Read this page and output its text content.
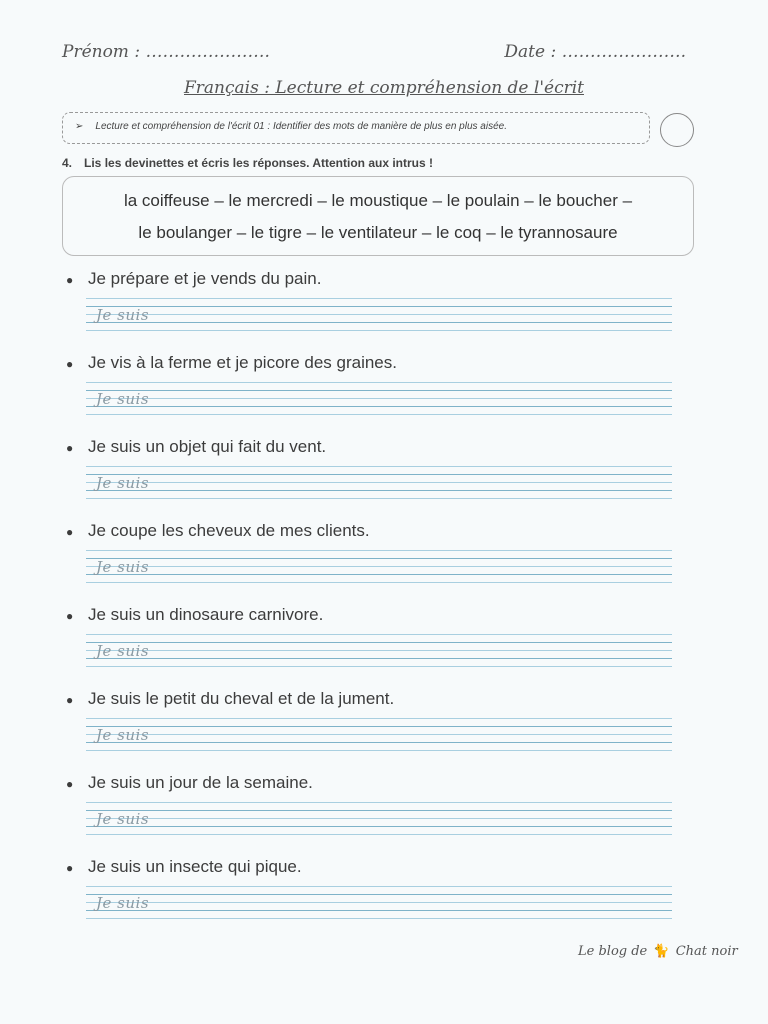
Prénom : ………………….	Date : ………………….
Français : Lecture et compréhension de l'écrit
➢ Lecture et compréhension de l'écrit 01 : Identifier des mots de manière de plus en plus aisée.
4. Lis les devinettes et écris les réponses. Attention aux intrus !
la coiffeuse – le mercredi – le moustique – le poulain – le boucher –
le boulanger – le tigre – le ventilateur – le coq – le tyrannosaure
● Je prépare et je vends du pain.
Je suis
● Je vis à la ferme et je picore des graines.
Je suis
● Je suis un objet qui fait du vent.
Je suis
● Je coupe les cheveux de mes clients.
Je suis
● Je suis un dinosaure carnivore.
Je suis
● Je suis le petit du cheval et de la jument.
Je suis
● Je suis un jour de la semaine.
Je suis
● Je suis un insecte qui pique.
Je suis
Le blog de 🐈 Chat noir
